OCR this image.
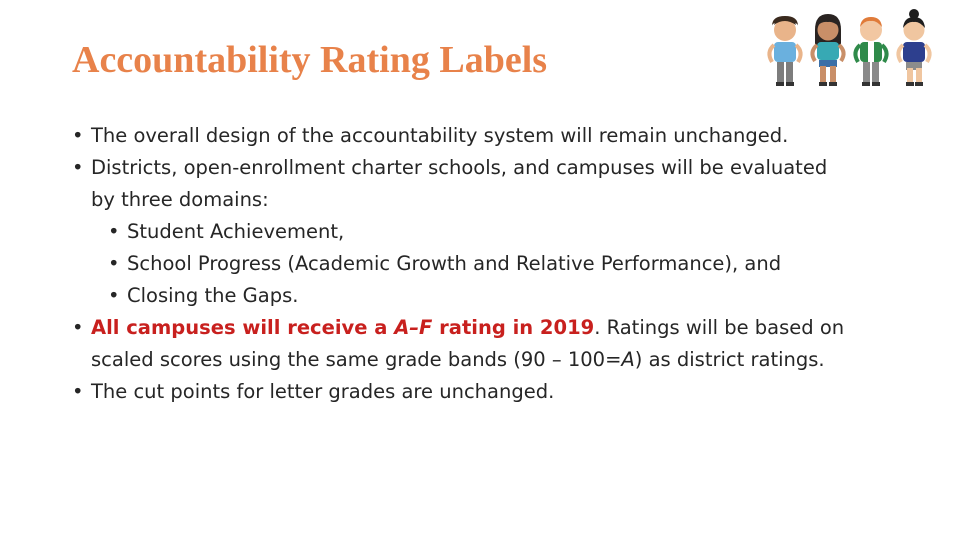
Accountability Rating Labels
• The overall design of the accountability system will remain unchanged.
• Districts, open-enrollment charter schools, and campuses will be evaluated
by three domains:
• Student Achievement,
• School Progress (Academic Growth and Relative Performance), and
• Closing the Gaps.
• All campuses will receive a A–F rating in 2019. Ratings will be based on
scaled scores using the same grade bands (90 – 100=A) as district ratings.
• The cut points for letter grades are unchanged.
